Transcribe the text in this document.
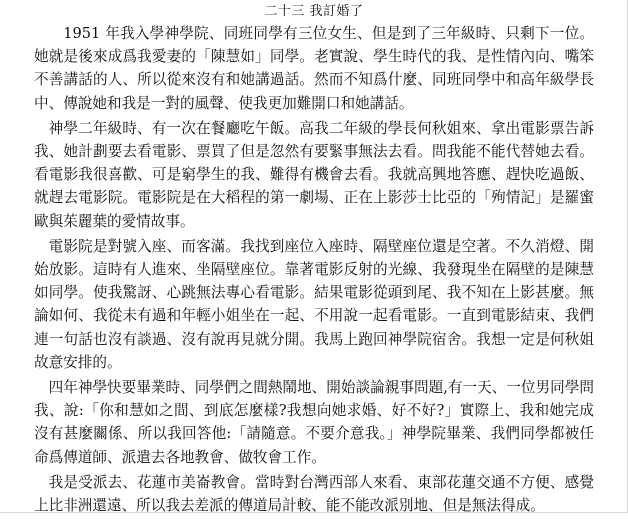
二十三 我訂婚了

1951 年我入學神學院、同班同學有三位女生、但是到了三年級時、只剩下一位。她就是後來成爲我愛妻的「陳慧如」同學。老實說、學生時代的我、是性情內向、嘴笨不善講話的人、所以從來沒有和她講過話。然而不知爲什麼、同班同學中和高年級學長中、傳說她和我是一對的風聲、使我更加難開口和她講話。

神學二年級時、有一次在餐廳吃午飯。高我二年級的學長何秋姐來、拿出電影票告訴我、她計劃要去看電影、票買了但是忽然有要緊事無法去看。問我能不能代替她去看。看電影我很喜歡、可是窮學生的我、難得有機會去看。我就高興地答應、趕快吃過飯、就趕去電影院。電影院是在大稻程的第一劇場、正在上影莎士比亞的「殉情記」是羅蜜歐與茱麗葉的愛情故事。

電影院是對號入座、而客滿。我找到座位入座時、隔壁座位還是空著。不久消燈、開始放影。這時有人進來、坐隔壁座位。靠著電影反射的光線、我發現坐在隔壁的是陳慧如同學。使我驚訝、心跳無法專心看電影。結果電影從頭到尾、我不知在上影甚麼。無論如何、我從未有過和年輕小姐坐在一起、不用說一起看電影。一直到電影結束、我們連一句話也沒有談過、沒有說再見就分開。我馬上跑回神學院宿舍。我想一定是何秋姐故意安排的。

四年神學快要畢業時、同學們之間熱鬧地、開始談論親事問題,有一天、一位男同學問我、說:「你和慧如之間、到底怎麼樣?我想向她求婚、好不好?」實際上、我和她完成沒有甚麼關係、所以我回答他:「請隨意。不要介意我。」神學院畢業、我們同學都被任命爲傳道師、派遣去各地教會、做牧會工作。

我是受派去、花蓮市美崙教會。當時對台灣西部人來看、東部花蓮交通不方便、感覺上比非洲還遠、所以我去差派的傳道局計較、能不能改派別地、但是無法得成。
